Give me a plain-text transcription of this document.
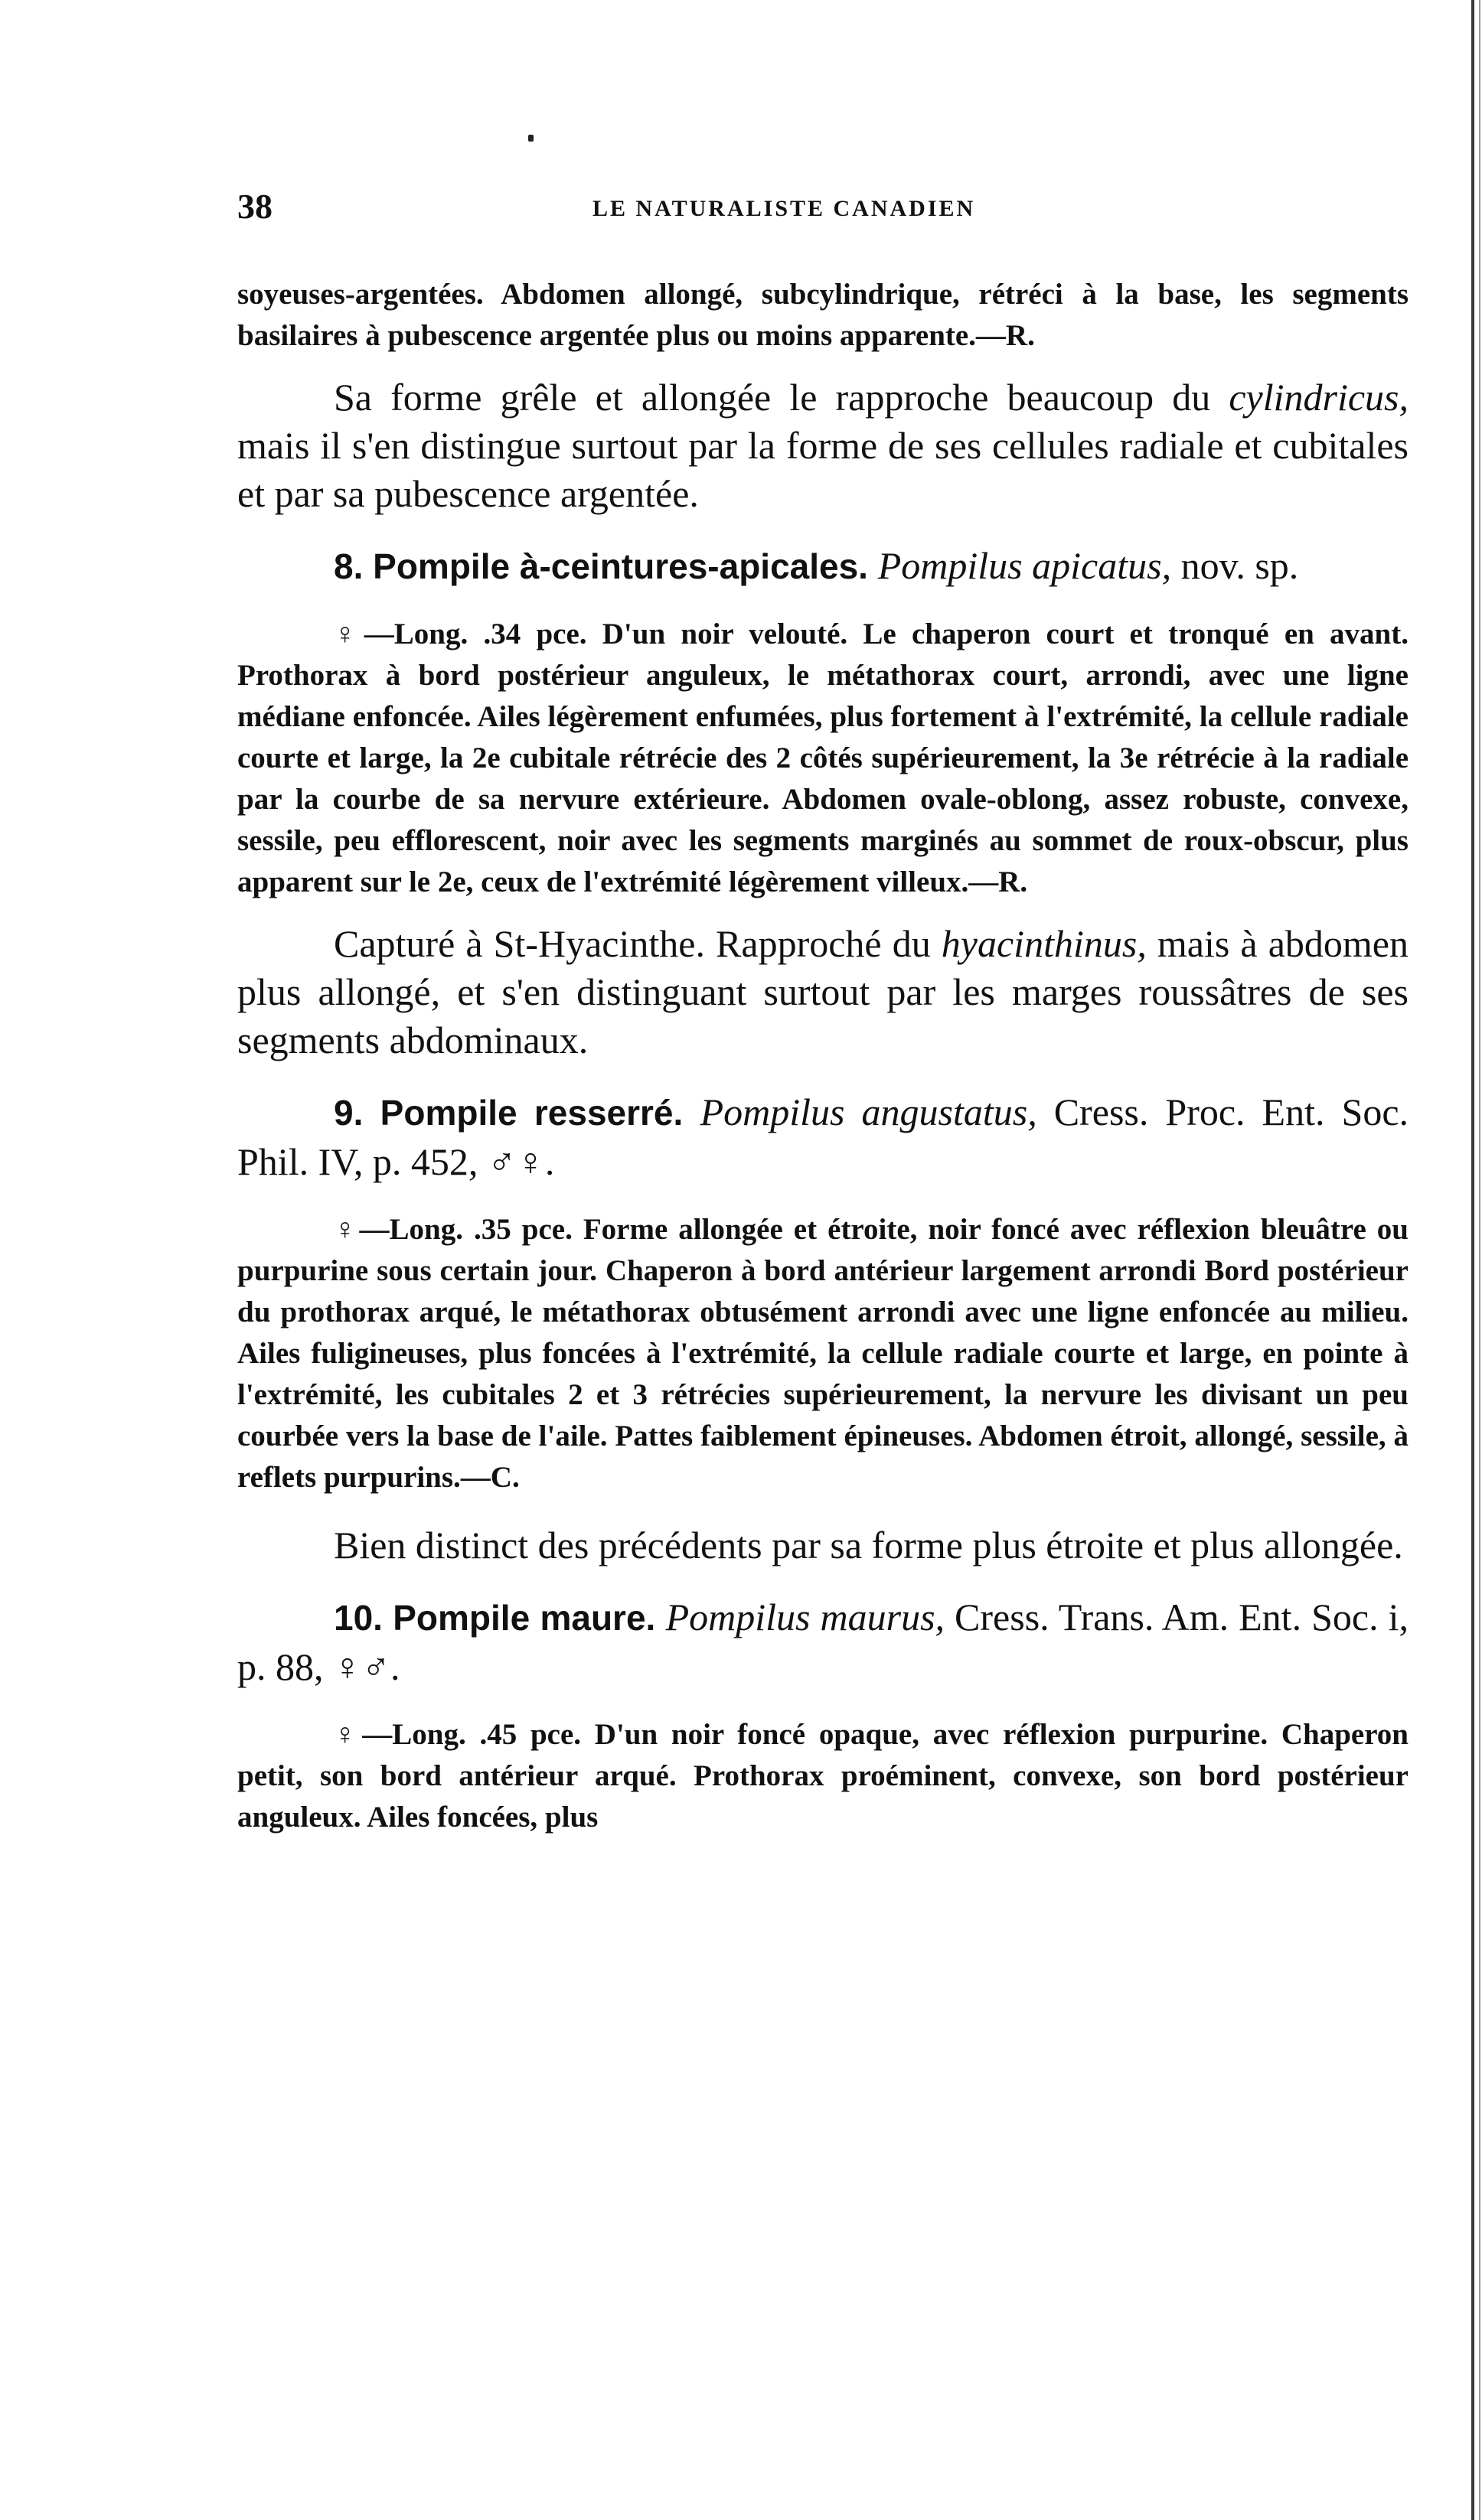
38	LE NATURALISTE CANADIEN

soyeuses-argentées. Abdomen allongé, subcylindrique, rétréci à la base, les segments basilaires à pubescence argentée plus ou moins apparente.—R.

Sa forme grêle et allongée le rapproche beaucoup du cylindricus, mais il s'en distingue surtout par la forme de ses cellules radiale et cubitales et par sa pubescence argentée.

8. Pompile à-ceintures-apicales. Pompilus apicatus, nov. sp.

♀—Long. .34 pce. D'un noir velouté. Le chaperon court et tronqué en avant. Prothorax à bord postérieur anguleux, le métathorax court, arrondi, avec une ligne médiane enfoncée. Ailes légèrement enfumées, plus fortement à l'extrémité, la cellule radiale courte et large, la 2e cubitale rétrécie des 2 côtés supérieurement, la 3e rétrécie à la radiale par la courbe de sa nervure extérieure. Abdomen ovale-oblong, assez robuste, convexe, sessile, peu efflorescent, noir avec les segments marginés au sommet de roux-obscur, plus apparent sur le 2e, ceux de l'extrémité légèrement villeux.—R.

Capturé à St-Hyacinthe. Rapproché du hyacinthinus, mais à abdomen plus allongé, et s'en distinguant surtout par les marges roussâtres de ses segments abdominaux.

9. Pompile resserré. Pompilus angustatus, Cress. Proc. Ent. Soc. Phil. IV, p. 452, ♂♀.

♀—Long. .35 pce. Forme allongée et étroite, noir foncé avec réflexion bleuâtre ou purpurine sous certain jour. Chaperon à bord antérieur largement arrondi Bord postérieur du prothorax arqué, le métathorax obtusément arrondi avec une ligne enfoncée au milieu. Ailes fuligineuses, plus foncées à l'extrémité, la cellule radiale courte et large, en pointe à l'extrémité, les cubitales 2 et 3 rétrécies supérieurement, la nervure les divisant un peu courbée vers la base de l'aile. Pattes faiblement épineuses. Abdomen étroit, allongé, sessile, à reflets purpurins.—C.

Bien distinct des précédents par sa forme plus étroite et plus allongée.

10. Pompile maure. Pompilus maurus, Cress. Trans. Am. Ent. Soc. i, p. 88, ♀♂.

♀—Long. .45 pce. D'un noir foncé opaque, avec réflexion purpurine. Chaperon petit, son bord antérieur arqué. Prothorax proéminent, convexe, son bord postérieur anguleux. Ailes foncées, plus
